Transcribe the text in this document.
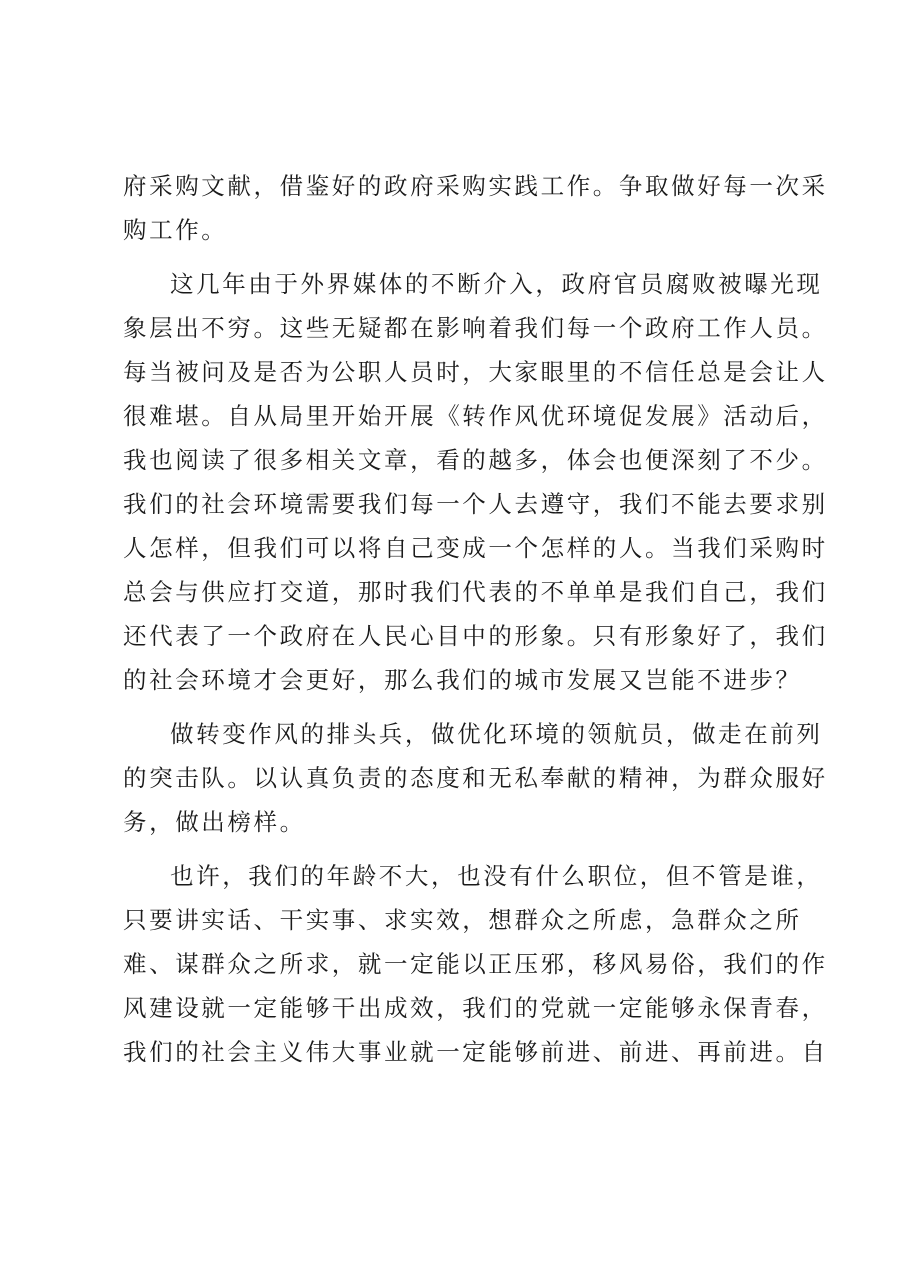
府采购文献，借鉴好的政府采购实践工作。争取做好每一次采
购工作。
这几年由于外界媒体的不断介入，政府官员腐败被曝光现
象层出不穷。这些无疑都在影响着我们每一个政府工作人员。
每当被问及是否为公职人员时，大家眼里的不信任总是会让人
很难堪。自从局里开始开展《转作风优环境促发展》活动后，
我也阅读了很多相关文章，看的越多，体会也便深刻了不少。
我们的社会环境需要我们每一个人去遵守，我们不能去要求别
人怎样，但我们可以将自己变成一个怎样的人。当我们采购时
总会与供应打交道，那时我们代表的不单单是我们自己，我们
还代表了一个政府在人民心目中的形象。只有形象好了，我们
的社会环境才会更好，那么我们的城市发展又岂能不进步？
做转变作风的排头兵，做优化环境的领航员，做走在前列
的突击队。以认真负责的态度和无私奉献的精神，为群众服好
务，做出榜样。
也许，我们的年龄不大，也没有什么职位，但不管是谁，
只要讲实话、干实事、求实效，想群众之所虑，急群众之所
难、谋群众之所求，就一定能以正压邪，移风易俗，我们的作
风建设就一定能够干出成效，我们的党就一定能够永保青春，
我们的社会主义伟大事业就一定能够前进、前进、再前进。自
